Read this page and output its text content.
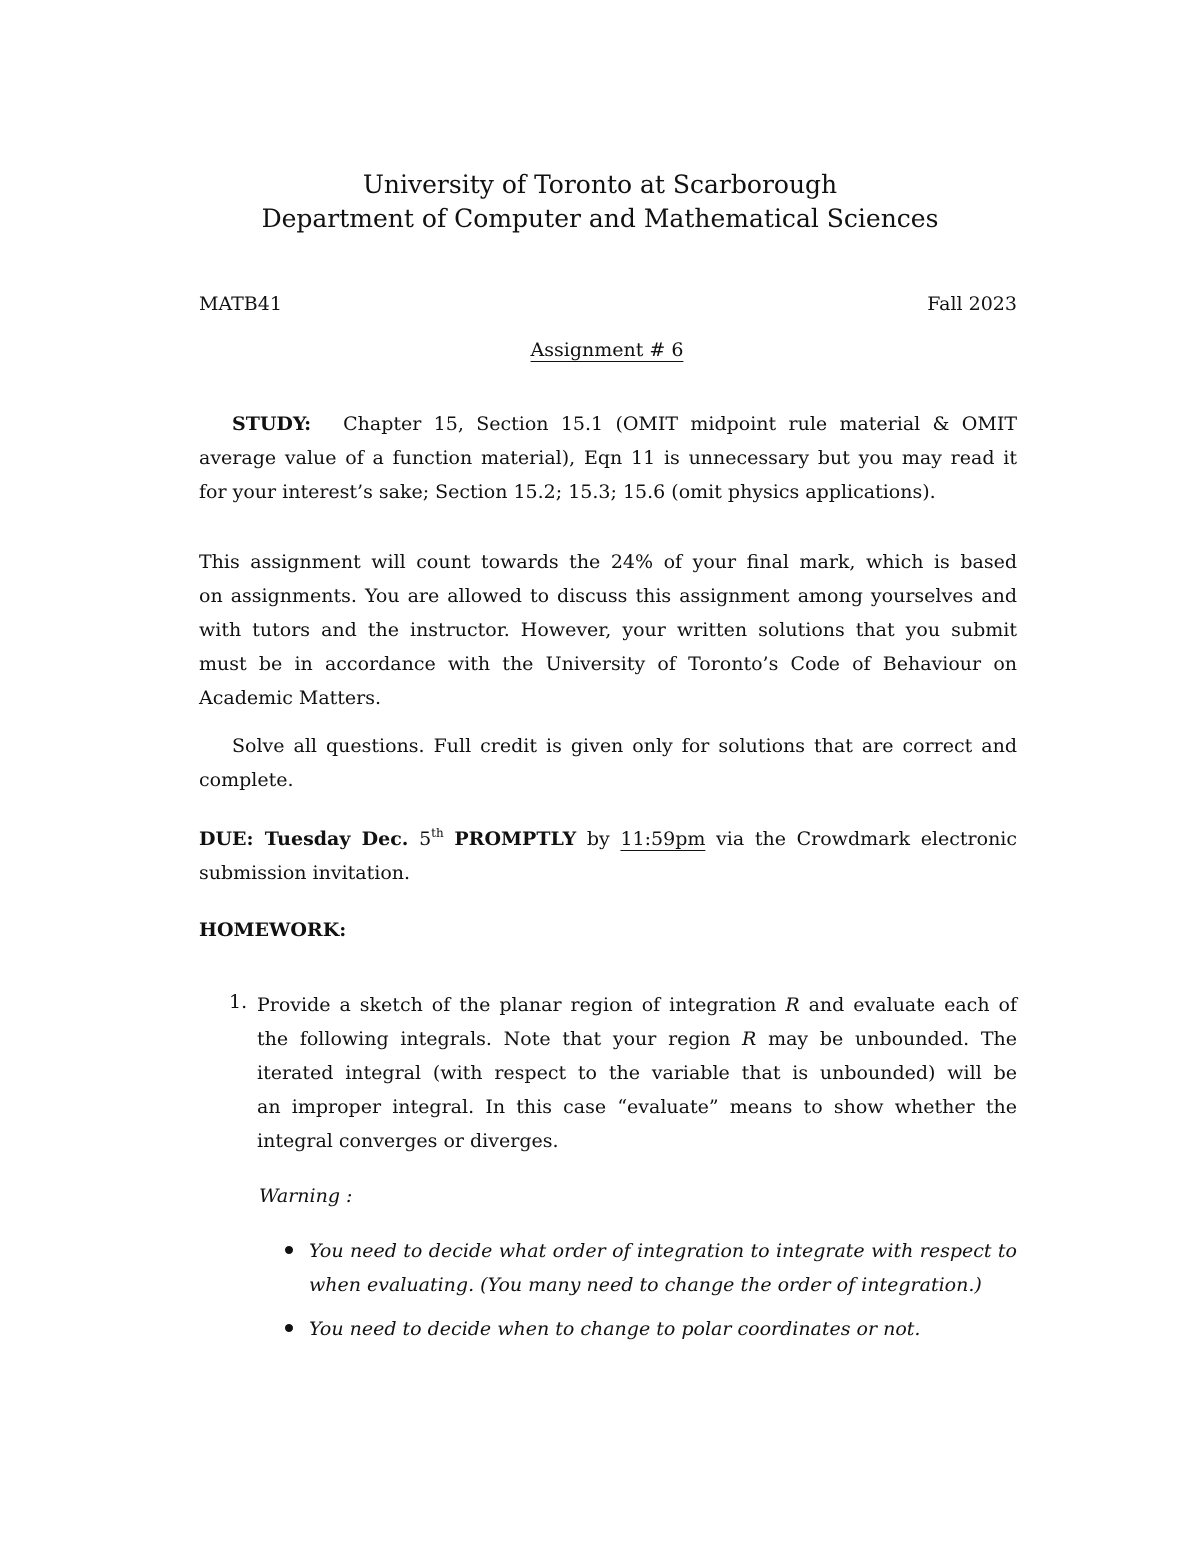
University of Toronto at Scarborough
Department of Computer and Mathematical Sciences
MATB41	Fall 2023
Assignment # 6
STUDY: Chapter 15, Section 15.1 (OMIT midpoint rule material & OMIT
average value of a function material), Eqn 11 is unnecessary but you may read it
for your interest’s sake; Section 15.2; 15.3; 15.6 (omit physics applications).
This assignment will count towards the 24% of your final mark, which is based
on assignments. You are allowed to discuss this assignment among yourselves and
with tutors and the instructor. However, your written solutions that you submit
must be in accordance with the University of Toronto’s Code of Behaviour on
Academic Matters.
Solve all questions. Full credit is given only for solutions that are correct and
complete.
DUE: Tuesday Dec. 5th PROMPTLY by 11:59pm via the Crowdmark electronic
submission invitation.
HOMEWORK:
1. Provide a sketch of the planar region of integration R and evaluate each of
the following integrals. Note that your region R may be unbounded. The
iterated integral (with respect to the variable that is unbounded) will be
an improper integral. In this case “evaluate” means to show whether the
integral converges or diverges.
Warning :
You need to decide what order of integration to integrate with respect to
when evaluating. (You many need to change the order of integration.)
You need to decide when to change to polar coordinates or not.
